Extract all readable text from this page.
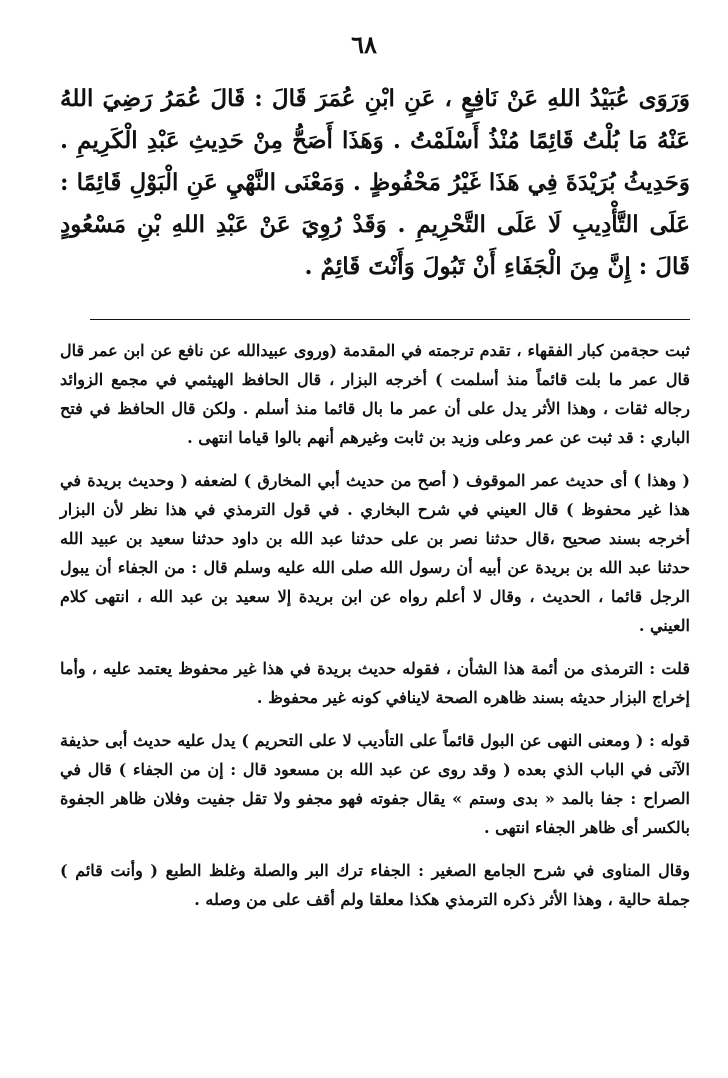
٦٨

وَرَوَى عُبَيْدُ اللهِ عَنْ نَافِعٍ ، عَنِ ابْنِ عُمَرَ قَالَ : قَالَ عُمَرُ رَضِيَ اللهُ عَنْهُ مَا بُلْتُ قَائِمًا مُنْذُ أَسْلَمْتُ . وَهَذَا أَصَحُّ مِنْ حَدِيثِ عَبْدِ الْكَرِيمِ . وَحَدِيثُ بُرَيْدَةَ فِي هَذَا غَيْرُ مَحْفُوظٍ . وَمَعْنَى النَّهْيِ عَنِ الْبَوْلِ قَائِمًا : عَلَى التَّأْدِيبِ لَا عَلَى التَّحْرِيمِ . وَقَدْ رُوِيَ عَنْ عَبْدِ اللهِ بْنِ مَسْعُودٍ قَالَ : إِنَّ مِنَ الْجَفَاءِ أَنْ تَبُولَ وَأَنْتَ قَائِمٌ .

ثبت حجةمن كبار الفقهاء ، تقدم ترجمته في المقدمة (وروى عبيدالله عن نافع عن ابن عمر قال قال عمر ما بلت قائماً منذ أسلمت ) أخرجه البزار ، قال الحافظ الهيثمي في مجمع الزوائد رجاله ثقات ، وهذا الأثر يدل على أن عمر ما بال قائما منذ أسلم . ولكن قال الحافظ في فتح الباري : قد ثبت عن عمر وعلى وزيد بن ثابت وغيرهم أنهم بالوا قياما انتهى .

( وهذا ) أى حديث عمر الموقوف ( أصح من حديث أبي المخارق ) لضعفه ( وحديث بريدة في هذا غير محفوظ ) قال العيني في شرح البخاري . في قول الترمذي في هذا نظر لأن البزار أخرجه بسند صحيح ،قال حدثنا نصر بن على حدثنا عبد الله بن داود حدثنا سعيد بن عبيد الله حدثنا عبد الله بن بريدة عن أبيه أن رسول الله صلى الله عليه وسلم قال : من الجفاء أن يبول الرجل قائما ، الحديث ، وقال لا أعلم رواه عن ابن بريدة إلا سعيد بن عبد الله ، انتهى كلام العيني .

قلت : الترمذى من أئمة هذا الشأن ، فقوله حديث بريدة في هذا غير محفوظ يعتمد عليه ، وأما إخراج البزار حديثه بسند ظاهره الصحة لاينافي كونه غير محفوظ .

قوله : ( ومعنى النهى عن البول قائماً على التأديب لا على التحريم ) يدل عليه حديث أبى حذيفة الآتى في الباب الذي بعده ( وقد روى عن عبد الله بن مسعود قال : إن من الجفاء ) قال في الصراح : جفا بالمد « بدى وستم » يقال جفوته فهو مجفو ولا تقل جفيت وفلان ظاهر الجفوة بالكسر أى ظاهر الجفاء انتهى .

وقال المناوى في شرح الجامع الصغير : الجفاء ترك البر والصلة وغلظ الطبع ( وأنت قائم ) جملة حالية ، وهذا الأثر ذكره الترمذي هكذا معلقا ولم أقف على من وصله .
